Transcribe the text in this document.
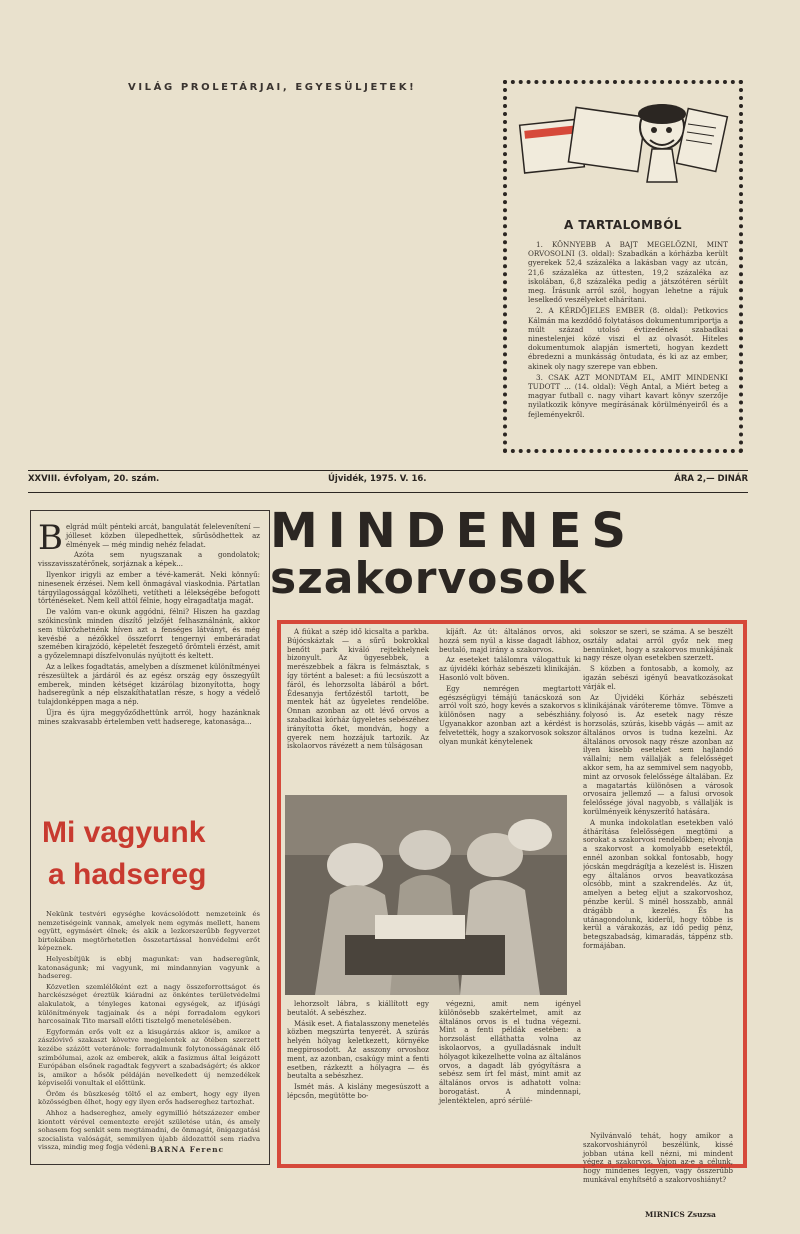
VILÁG PROLETÁRJAI, EGYESÜLJETEK!
A TARTALOMBÓL

1. KÖNNYEBB A BAJT MEGELŐZNI, MINT ORVOSOLNI (3. oldal): Szabadkán a kórházba került gyerekek 52,4 százaléka a lakásban vagy az utcán, 21,6 százaléka az úttesten, 19,2 százaléka az iskolában, 6,8 százaléka pedig a játszótéren sérült meg. Írásunk arról szól, hogyan lehetne a rájuk leselkedő veszélyeket elhárítani.

2. A KÉRDŐJELES EMBER (8. oldal): Petkovics Kálmán ma kezdődő folytatásos dokumentumriportja a múlt század utolsó évtizedének szabadkai ninestelenjei közé viszi el az olvasót. Hiteles dokumentumok alapján ismerteti, hogyan kezdett ébredezni a munkásság öntudata, és ki az az ember, akinek oly nagy szerepe van ebben.

3. CSAK AZT MONDTAM EL, AMIT MINDENKI TUDOTT ... (14. oldal): Végh Antal, a Miért beteg a magyar futball c. nagy vihart kavart könyv szerzője nyilatkozik könyve megírásának körülményeiről és a fejleményekről.

XXVIII. évfolyam, 20. szám.	Újvidék, 1975. V. 16.	ÁRA 2,— DINÁR

Belgrád múlt pénteki arcát, bangulatát felelevenítení — jólleset közben ülepedhettek, sűrűsödhettek az élmények — még mindig nehéz feladat.

Azóta sem nyugszanak a gondolatok; visszavisszatérőnek, sorjáznak a képek...

Ilyenkor irigyli az ember a tévé-kamerát. Neki könnyű: ninesenek érzései. Nem kell önmagával viaskodnia. Pártatlan tárgyilagossággal közölheti, vetítheti a lélekségébe befogott történéseket. Nem kell attól félnie, hogy elragadtatja magát.

De valóm van-e okunk aggódni, félni? Hiszen ha gazdag szókincsünk minden díszítő jelzőjét felhasználnánk, akkor sem tükrözhetnénk híven azt a fenséges látványt, és még kevésbé a nézőkkel összeforrt tengernyi emberáradat szemében kirajzódó, képeletét feszegető őrömteli érzést, amit a győzelemnapi díszfelvonulás nyújtott és keltett.

Az a lelkes fogadtatás, amelyben a díszmenet különítményei részesültek a járdáról és az egész ország egy összegyűlt emberek, minden kétséget kizárólag bizonyította, hogy hadseregünk a nép elszakíthatatlan része, s hogy a védelő tulajdonképpen maga a nép.

Újra és újra meggyőződhettünk arról, hogy hazánknak mines szakvasabb értelemben vett hadserege, katonasága...

Mi vagyunk
a hadsereg

Nekünk testvéri egységhe kovácsolódott nemzeteink és nemzetiségeink vannak, amelyek nem egymás mellett, hanem együtt, egymásért élnek; és akik a lezkorszerűbb fegyverzet birtokában megtörhetetlen összetartással honvédelmi erőt képeznek.

Helyesbítjük is ebbj magunkat: van hadseregünk, katonaságunk; mi vagyunk, mi mindannyian vagyunk a hadsereg.

Közvetlen szemlélőként ezt a nagy összeforrottságot és harckészséget éreztük kiáradni az önkéntes területvédelmi alakulatok, a tényleges katonai egységek, az ifjúsági különítmények tagjainak és a népi forradalom egykori harcosainak Tito marsall előtti tisztelgő menetelésében.

Egyformán erős volt ez a kisugárzás akkor is, amikor a zászlóvivő szakaszt követve megjelentek az ötében szerzett kezébe százött veteránok: forradalmunk folytonosságának élő szimbólumai, azok az emberek, akik a fasizmus által leigázott Európában elsőnek ragadtak fegyvert a szabadságért; és akkor is, amikor a hősök példáján nevelkedett új nemzedékek képviselői vonultak el előttünk.

Öröm és büszkeség töltő el az embert, hogy egy ilyen közösségben élhet, hogy egy ilyen erős hadsereghez tartozhat.

Ahhoz a hadsereghez, amely egymillió hétszázezer ember kiontott vérével cementezte erejét születése után, és amely sohasem fog senkit sem megtámadni, de önmagát, önigazgatási szocialista valóságát, semmilyen újabb áldozattól sem riadva vissza, mindig meg fogja védeni. BARNA Ferenc
MINDENES
szakorvosok

A fiúkat a szép idő kicsalta a parkba. Bújócskáztak — a sűrű bokrokkal benőtt park kiváló rejtekhelynek bizonyult. Az ügyesebbek, a merészebbek a fákra is felmásztak, s így történt a baleset: a fiú lecsúszott a fáról, és lehorzsolta lábáról a bőrt. Édesanyja fertőzéstől tartott, be mentek hát az ügyeletes rendelőbe. Onnan azonban az ott lévő orvos a szabadkai kórház ügyeletes sebészéhez irányította őket, mondván, hogy a gyerek nem hozzájuk tartozik. Az iskolaorvos rávézett a nem túlságosan

kíjáft. Az út: általános orvos, aki hozzá sem nyúl a kisse dagadt lábhoz, beutaló, majd irány a szakorvos.

Az eseteket találomra válogattuk ki az újvidéki kórház sebészeti klinikáján. Hasonló volt böven.

Egy nemrégen megtartott egészségügyi témájú tanácskozá son arról volt szó, hogy kevés a szakorvos s különösen nagy a sebészhiány. Ugyanakkor azonban azt a kérdést is felvetették, hogy a szakorvosok sokszor olyan munkát kénytelenek

sokszor se szeri, se száma. A se beszélt osztály adatai arról győz nek meg bennünket, hogy a szakorvos munkájának nagy része olyan esetekben szerzett.

S közben a fontosabb, a komoly, az igazán sebészi igényű beavatkozásokat várják el.

Az Újvidéki Kórház sebészeti klinikájának várótereme tömve. Tömve a folyosó is. Az esetek nagy része horzsolás, szúrás, kisebb vágás — amit az általános orvos is tudna kezelni. Az általános orvosok nagy része azonban az ilyen kisebb eseteket sem hajlandó vállalni; nem vállalják a felelősséget akkor sem, ha az semmivel sem nagyobb, mint az orvosok felelőssége általában. Ez a magatartás különösen a városok orvosaira jellemző — a falusi orvosok felelőssége jóval nagyobb, s vállalják is korülményeik kényszerítő hatására.

A munka indokolatlan esetekben való áthárítása felelősségen megtömi a sorokat a szakorvosi rendelőkben; elvonja a szakorvost a komolyabb esetektől, ennél azonban sokkal fontosabb, hogy jócskán megdrágítja a kezelést is. Hiszen egy általános orvos beavatkozása olcsóbb, mint a szakrendelés. Az út, amelyen a beteg eljut a szakorvoshoz, pénzbe kerül. S minél hosszabb, annál drágább a kezelés. És ha utánagondolunk, kiderül, hogy többe is kerül a várakozás, az idő pedig pénz, betegszabadság, kimaradás, táppénz stb. formájában.

lehorzsolt lábra, s kiállított egy beutalót. A sebészhez.

Másik eset. A fiatalasszony menetelés közben megszúrta tenyerét. A szúrás helyén hólyag keletkezett, környéke megpirosodott. Az asszony orvoshoz ment, az azonban, csakúgy mint a fenti esetben, rázkeztt a hólyagra — és beutalta a sebészhez.

Ismét más. A kislány megesúszott a lépcsőn, megütötte bo-

végezni, amit nem igényel különösebb szakértelmet, amit az általános orvos is el tudna végezni. Mint a fenti példák esetében: a horzsolást elláthatta volna az iskolaorvos, a gyulladásnak indult hólyagot kikezelhette volna az általános orvos, a dagadt láb gyógyításra a sebész sem írt fel mást, mint amit az általános orvos is adhatott volna: borogatást. A mindennapi, jelentéktelen, apró sérülé-

Nyilvánvaló tehát, hogy amikor a szakorvoshiányról beszélünk, kissé jobban utána kell nézni, mi mindent végez a szakorvos. Vajon az-e a célunk, hogy mindenes legyen, vagy összerűbb munkával enyhítsétő a szakorvoshiányt?

MIRNICS Zsuzsa
